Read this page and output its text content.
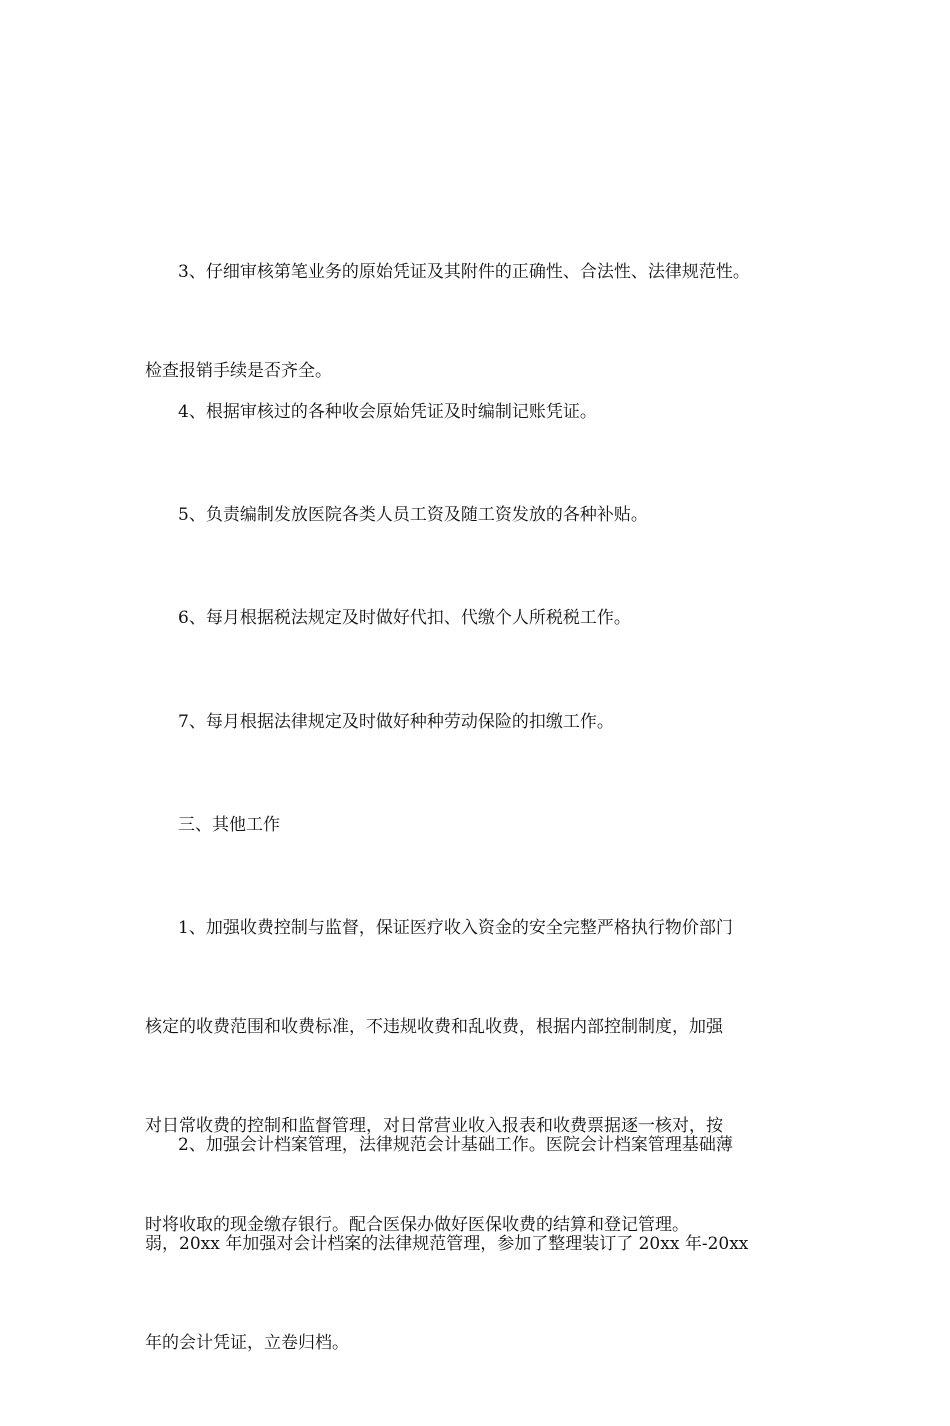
3、仔细审核第笔业务的原始凭证及其附件的正确性、合法性、法律规范性。

检查报销手续是否齐全。

4、根据审核过的各种收会原始凭证及时编制记账凭证。

5、负责编制发放医院各类人员工资及随工资发放的各种补贴。

6、每月根据税法规定及时做好代扣、代缴个人所税税工作。

7、每月根据法律规定及时做好种种劳动保险的扣缴工作。

三、其他工作

1、加强收费控制与监督，保证医疗收入资金的安全完整严格执行物价部门

核定的收费范围和收费标准，不违规收费和乱收费，根据内部控制制度，加强

对日常收费的控制和监督管理，对日常营业收入报表和收费票据逐一核对，按

时将收取的现金缴存银行。配合医保办做好医保收费的结算和登记管理。

2、加强会计档案管理，法律规范会计基础工作。医院会计档案管理基础薄

弱，20xx 年加强对会计档案的法律规范管理，参加了整理装订了 20xx 年-20xx

年的会计凭证，立卷归档。
